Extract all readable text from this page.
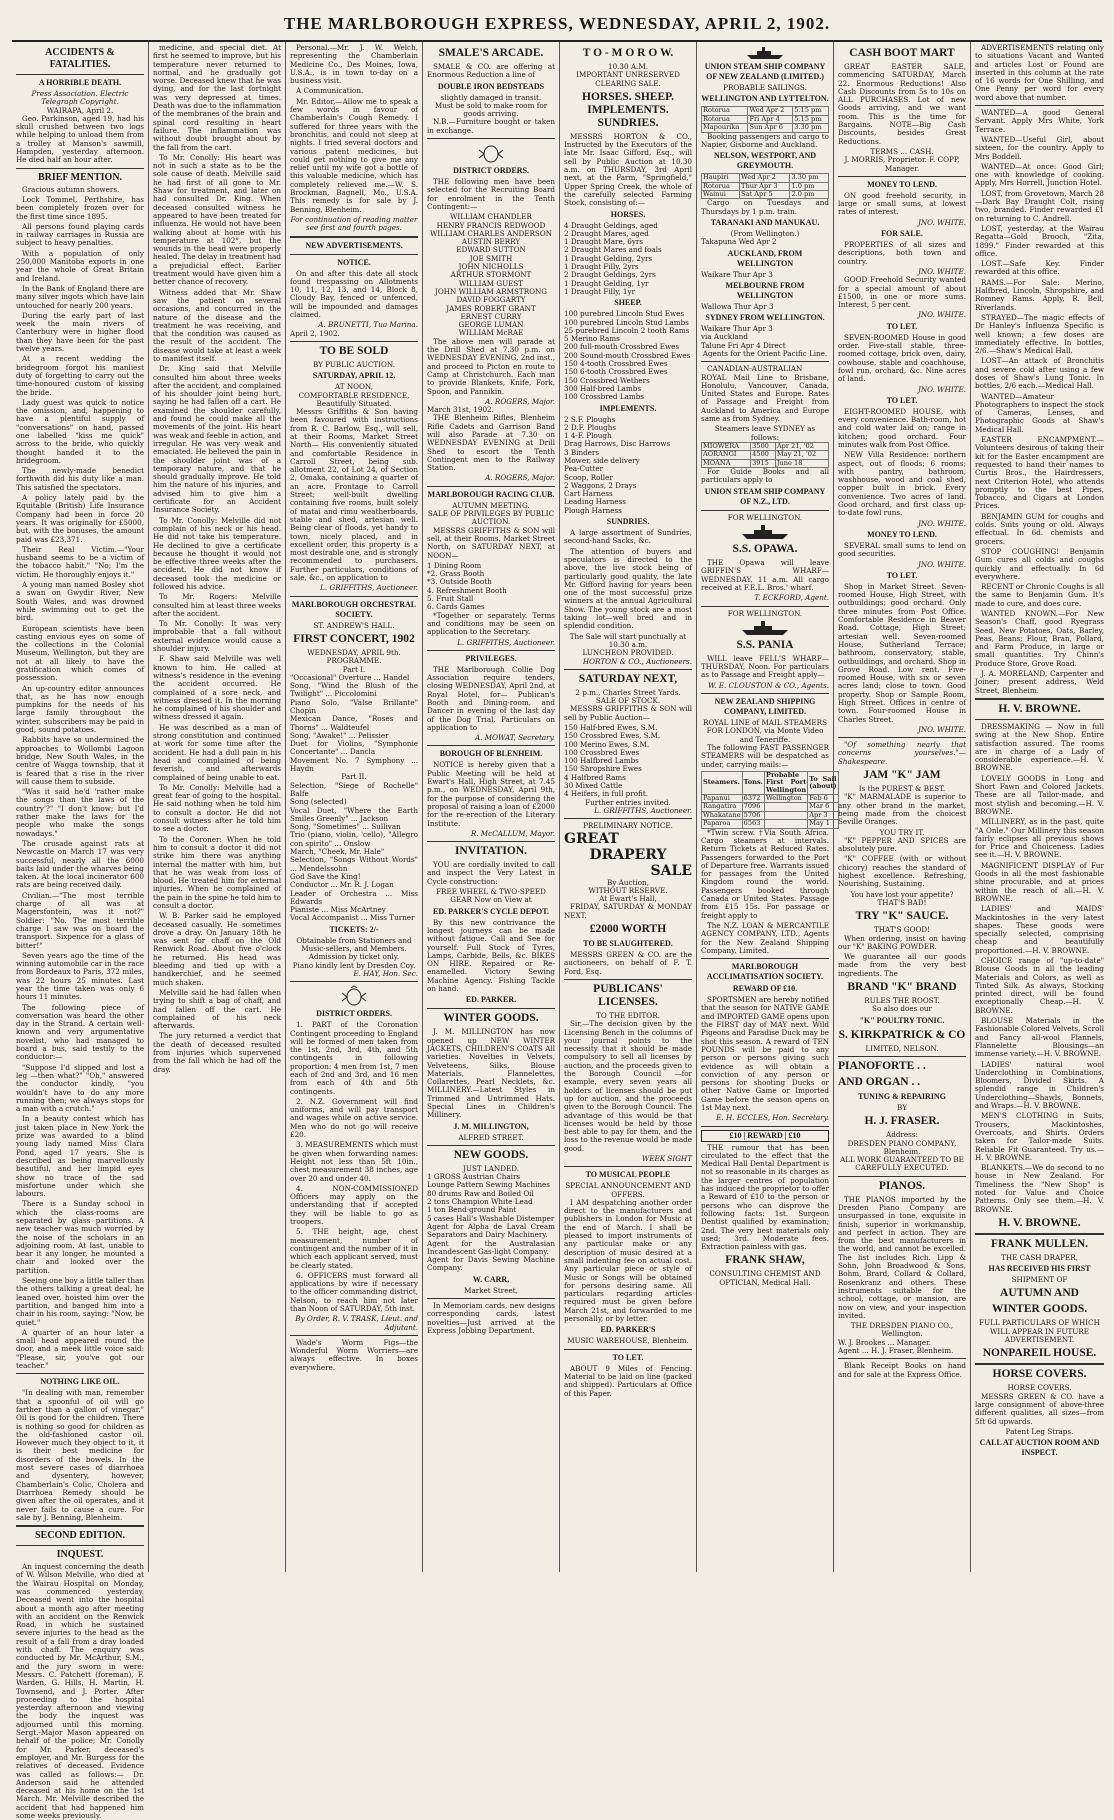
THE MARLBOROUGH EXPRESS, WEDNESDAY, APRIL 2, 1902.
ACCIDENTS & FATALITIES.
A HORRIBLE DEATH.
Press Association. Electric Telegraph Copyright.
WAIRAPA, April 2.

Geo. Parkinson, aged 19, had his skull crushed between two logs while helping to unload them from a trolley at Manson's sawmill, Hampden, yesterday afternoon. He died half an hour after.

BRIEF MENTION.

Gracious autumn showers.

Lock Tommel, Perthshire, has been completely frozen over for the first time since 1895.

All persons found playing cards in railway carriages in Russia are subject to heavy penalties.

With a population of only 250,000 Manitoba exports in one year the whole of Great Britain and Ireland.

In the Bank of England there are many silver ingots which have lain untouched for nearly 200 years.

During the early part of last week the main rivers of Canterbury were in higher flood than they have been for the past twelve years.

At a recent wedding the bridegroom forgot his manliest duty of forgetting to carry out the time-honoured custom of kissing the bride.

Lady guest was quick to notice the omission, and, happening to have a plentiful supply of "conversations" on hand, passed one labelled "kiss me quick" across to the bride, who quickly thought handed it to the bridegroom.

The newly-made benedict forthwith did his duty like a man. This satisfied the spectators.

A policy lately paid by the Equitable (British) Life Insurance Company had been in force 20 years. It was originally for £5000, but, with the bonuses, the amount paid was £23,371.

Their Real Victim.—"Your husband seems to be a victim of the tobacco habit." "No; I'm the victim. He thoroughly enjoys it."

A young man named Bosley shot a swan on Gwydir River, New South Wales, and was drowned while swimming out to get the bird.

European scientists have been casting envious eyes on some of the collections in the Colonial Museum, Wellington, but they are not at all likely to have the gratification which comes of possession.

An up-country editor announces that, as he has now enough pumpkins for the needs of his large family throughout the winter, subscribers may be paid in good, sound potatoes.

Rabbits have so undermined the approaches to Wollombi Lagoon bridge, New South Wales, in the centre of Wagga township, that it is feared that a rise in the river will cause them to subside.

"Was it said he'd 'rather make the songs than the laws of the country'?" "I don't know; but I'd rather make the laws for the people who make the songs nowadays."

The crusade against rats at Newcastle on March 17 was very successful, nearly all the 6000 baits laid under the wharves being taken. At the local incinerator 600 rats are being received daily.

Civilian.—"The most terrible charge of all was at Magersfontein, was it not?" Soldier: "No. The most terrible charge I saw was on board the transport. Sixpence for a glass of bitter!"

Seven years ago the time of the winning automobile car in the race from Bordeaux to Paris, 372 miles, was 22 hours 25 minutes. Last year the time taken was only 6 hours 11 minutes.

The following piece of conversation was heard the other day in the Strand. A certain well-known and very argumentative novelist, who had managed to board a bus, said testily to the conductor:—

"Suppose I'd slipped and lost a leg —then what?" "Oh," answered the conductor kindly, "you wouldn't have to do any more running then; we always stops for a man with a crutch."

In a beauty contest which has just taken place in New York the prize was awarded to a blind young lady named Miss Clara Pond, aged 17 years. She is described as being marvellously beautiful, and her limpid eyes show no trace of the sad misfortune under which she labours.

There is a Sunday school in which the class-rooms are separated by glass partitions. A new teacher was much worried by the noise of the scholars in an adjoining room. At last, unable to bear it any longer, he mounted a chair and looked over the partition.

Seeing one boy a little taller than the others talking a great deal, he leaned over, hoisted him over the partition, and banged him into a chair in his room, saying: "Now, be quiet."

A quarter of an hour later a small head appeared round the door, and a meek little voice said: "Please, sir, you've got our teacher."

NOTHING LIKE OIL.

"In dealing with man, remember that a spoonful of oil will go farther than a gallon of vinegar." Oil is good for the children. There is nothing so good for children as the old-fashioned castor oil. However much they object to it, it is their best medicine for disorders of the bowels. In the most severe cases of diarrhoea and dysentery, however, Chamberlain's Colic, Cholera and Diarrhoea Remedy should be given after the oil operates, and it never fails to cause a cure. For sale by J. Benning, Blenheim.

SECOND EDITION.
INQUEST.

An inquest concerning the death of W. Wilson Melville, who died at the Wairau Hospital on Monday, was commenced yesterday. Deceased went into the hospital about a month ago after meeting with an accident on the Renwick Road, in which he sustained severe injuries to the head as the result of a fall from a dray loaded with chaff. The enquiry was conducted by Mr. McArthur, S.M., and the jury sworn in were: Messrs. C. Patchett (foreman), F. Warden, G. Hills, H. Martin, H. Townsend, and J. Porter. After proceeding to the hospital yesterday afternoon and viewing the body the inquest was adjourned until this morning. Sergt.-Major Mason appeared on behalf of the police; Mr. Conolly for Mr. Parker, deceased's employer, and Mr. Burgess for the relatives of deceased. Evidence was called as follows:— Dr. Anderson said he attended deceased at his home on the 1st March. Mr. Melville described the accident that had happened him some weeks previously.

medicine, and special diet. At first he seemed to improve, but his temperature never returned to normal, and he gradually got worse. Deceased knew that he was dying, and for the last fortnight was very depressed at times. Death was due to the inflammation of the membranes of the brain and spinal cord resulting in heart failure. The inflammation was without doubt brought about by the fall from the cart.

To Mr. Conolly: His heart was not in such a state as to be the sole cause of death. Melville said he had first of all gone to Mr. Shaw for treatment, and later on had consulted Dr. King. When deceased consulted witness he appeared to have been treated for influenza. He would not have been walking about at home with his temperature at 102°, but the wounds in the head were properly healed. The delay in treatment had a prejudicial effect. Earlier treatment would have given him a better chance of recovery.

Witness added that Mr. Shaw saw the patient on several occasions, and concurred in the nature of the disease and the treatment he was receiving, and that the condition was caused as the result of the accident. The disease would take at least a week to manifest itself.

Dr. King said that Melville consulted him about three weeks after the accident, and complained of his shoulder joint being hurt, saying he had fallen off a cart. He examined the shoulder carefully, and found he could make all the movements of the joint. His heart was weak and feeble in action, and irregular. He was very weak and emaciated. He believed the pain in the shoulder joint was of a temporary nature, and that he should gradually improve. He told him the nature of his injuries, and advised him to give him a certificate for an Accident Insurance Society.

To Mr. Conolly: Melville did not complain of his neck or his head. He did not take his temperature. He declined to give a certificate because he thought it would not be effective three weeks after the accident. He did not know if deceased took the medicine or followed his advice.

To Mr. Rogers: Melville consulted him at least three weeks after the accident.

To Mr. Conolly: It was very improbable that a fall without external evidence would cause a shoulder injury.

F. Shaw said Melville was well known to him. He called at witness's residence in the evening the accident occurred. He complained of a sore neck, and witness dressed it. In the morning he complained of his shoulder and witness dressed it again.

He was described as a man of strong constitution and continued at work for some time after the accident. He had a dull pain in his head and complained of being feverish, and afterwards complained of being unable to eat.

To Mr. Conolly: Melville had a great fear of going to the hospital. He said nothing when he told him to consult a doctor. He did not consult witness after he told him to see a doctor.

To the Coroner: When he told him to consult a doctor it did not strike him there was anything internal the matter with him, but that he was weak from loss of blood. He treated him for external injuries. When he complained of the pain in the spine he told him to consult a doctor.

W. B. Parker said he employed deceased casually. He sometimes drove a dray. On January 18th he was sent for chaff on the Old Renwick Road. About five o'clock he returned. His head was bleeding and tied up with a handkerchief, and he seemed much shaken.

Melville said he had fallen when trying to shift a bag of chaff, and had fallen off the cart. He complained of his neck afterwards.

The jury returned a verdict that the death of deceased resulted from injuries which supervened from the fall which he had off the dray.

Personal.—Mr. J. W. Welch, representing the Chamberlain Medicine Co., Des Moines, Iowa, U.S.A., is in town to-day on a business visit.

A Communication.

Mr. Editor,—Allow me to speak a few words in favour of Chamberlain's Cough Remedy. I suffered for three years with the bronchitis, and could not sleep at nights. I tried several doctors and various patent medicines, but could get nothing to give me any relief until my wife got a bottle of this valuable medicine, which has completely relieved me.—W. S. Brockman, Bagnell, Mo., U.S.A. This remedy is for sale by J. Benning, Blenheim.

For continuation of reading matter see first and fourth pages.
NEW ADVERTISEMENTS.
NOTICE.

On and after this date all stock found trespassing on Allotments 10, 11, 12, 13, and 14, Block 8, Cloudy Bay, fenced or unfenced, will be impounded and damages claimed.

A. BRUNETTI, Tua Marina.
April 2, 1902.
TO BE SOLD
BY PUBLIC AUCTION.
SATURDAY, APRIL 12,
AT NOON,
COMFORTABLE RESIDENCE, Beautifully Situated.

Messrs Griffiths & Son having been favoured with instructions from R. C. Barlow, Esq., will sell, at their Rooms, Market Street North— His conveniently situated and comfortable Residence in Carroll Street, being sub. allotment 22, of Lot 24, of Section 2, Omaka, containing a quarter of an acre. Frontage to Carroll Street; well-built dwelling containing five rooms, built solely of matai and rimu weatherboards, stable and shed, artesian well. Being clear of floods, yet handy to town, nicely placed, and in excellent order, this property is a most desirable one, and is strongly recommended to purchasers. Further particulars, conditions of sale, &c., on application to

L. GRIFFITHS, Auctioneer.
MARLBOROUGH ORCHESTRAL SOCIETY.
ST. ANDREW'S HALL.
FIRST CONCERT, 1902
WEDNESDAY, APRIL 9th.
PROGRAMME.
Part I.
"Occasional" Overture ... Handel
Song, "Wind the Blush of the Twilight" ... Piccolomini
Piano Solo, "Valse Brillante" Chopin
Mexican Dance, "Roses and Thorns" ... Waldteufel
Song, "Awake!" ... Pelissier
Duet for Violins, "Symphonie Concertante" ... Dancla
Movement No. 7 Symphony ... Haydn
Part II.
Selection, "Siege of Rochelle" Balfe
Song (selected)
Vocal Duet, "Where the Earth Smiles Greenly" ... Jackson
Song, "Sometimes" ... Sullivan
Trio (piano, violin, 'cello), "Allegro con spirito" ... Onslow
March, "Cheek, Mr. Hale"
Selection, "Songs Without Words" ... Mendelssohn
God Save the King!
Conductor ... Mr. R. J. Logan
Leader of Orchestra ... Miss Edwards
Pianiste ... Miss McArtney
Vocal Accompanist ... Miss Turner
TICKETS: 2/-
Obtainable from Stationers and Music-sellers, and Members. Admission by ticket only.
Piano kindly lent by Dresden Coy.
E. HAY, Hon. Sec.
DISTRICT ORDERS.

1. PART of the Coronation Contingent proceeding to England will be formed of men taken from the 1st, 2nd, 3rd, 4th, and 5th contingents in following proportion: 4 men from 1st, 7 men each of 2nd and 3rd, and 16 men from each of 4th and 5th contingents.

2. N.Z. Government will find uniforms, and will pay transport and wages while on active service. Men who do not go will receive £20.

3. MEASUREMENTS which must be given when forwarding names: Height not less than 5ft 10in., chest measurement 38 inches, age over 20 and under 40.

4. NON-COMMISSIONED Officers may apply on the understanding that if accepted they will be liable to go as troopers.

5. THE height, age, chest measurement, number of contingent and the number of it in which each applicant served, must be clearly stated.

6. OFFICERS must forward all applications by wire if necessary to the officer commanding district, Nelson, to reach him not later than Noon of SATURDAY, 5th inst.

By Order, R. V. TRASK, Lieut. and Adjutant.

Wade's Worm Figs—the Wonderful Worm Worriers—are always effective. In boxes everywhere.

SMALE'S ARCADE.

SMALE & CO. are offering at Enormous Reduction a line of

DOUBLE IRON BEDSTEADS
slightly damaged in transit.
Must be sold to make room for goods arriving.

N.B.—Furniture bought or taken in exchange.

DISTRICT ORDERS.

THE following men have been selected for the Recruiting Board for enrolment in the Tenth Contingent:—

WILLIAM CHANDLER
HENRY FRANCIS REDWOOD
WILLIAM CHARLES ANDERSON
AUSTIN BERRY
EDWARD SUTTON
JOE SMITH
JOHN NICHOLLS
ARTHUR STORMONT
WILLIAM GUEST
JOHN WILLIAM ARMSTRONG
DAVID FOGGARTY
JAMES ROBERT GRANT
ERNEST CURRY
GEORGE LUMAN
WILLIAM McRAE

The above men will parade at the Drill Shed at 7.30 p.m. on WEDNESDAY EVENING, 2nd inst., and proceed to Picton en route to Camp at Christchurch. Each man to provide Blankets, Knife, Fork, Spoon, and Pannikin.

A. ROGERS, Major.
March 31st, 1902.

THE Blenheim Rifles, Blenheim Rifle Cadets and Garrison Band will also Parade at 7.30 on WEDNESDAY EVENING at Drill Shed to escort the Tenth Contingent men to the Railway Station.

A. ROGERS, Major.
MARLBOROUGH RACING CLUB.
AUTUMN MEETING.
SALE OF PRIVILEGES BY PUBLIC AUCTION.

MESSRS GRIFFITHS & SON will sell, at their Rooms, Market Street North, on SATURDAY NEXT, at NOON—

1 Dining Room
*2. Grass Booth
*3. Outside Booth
4. Refreshment Booth
5. Fruit Stall
6. Cards Games

*Together or separately. Terms and conditions may be seen on application to the Secretary.

L. GRIFFITHS, Auctioneer.
PRIVILEGES.

THE Marlborough Collie Dog Association require tenders, closing WEDNESDAY, April 2nd, at Royal Hotel, for— Publican's Booth and Dining-room, and Dancer in evening of the last day of the Dog Trial. Particulars on application to

A. MOWAT, Secretary.
BOROUGH OF BLENHEIM.

NOTICE is hereby given that a Public Meeting will be held at Ewart's Hall, High Street, at 7.45 p.m., on WEDNESDAY, April 9th, for the purpose of considering the proposal of raising a loan of £2000 for the re-erection of the Literary Institute.

R. McCALLUM, Mayor.
INVITATION.

YOU are cordially invited to call and inspect the Very Latest in Cycle construction:

FREE WHEEL & TWO-SPEED GEAR Now on View at
ED. PARKER'S CYCLE DEPOT.

By this new contrivance the longest journeys can be made without fatigue. Call and See for yourself. Full Stock of Tyres, Lamps, Carbide, Bells, &c. BIKES ON HIRE. Repaired or Re-enamelled. Victory Sewing Machine Agency. Fishing Tackle on hand.

ED. PARKER.
WINTER GOODS.

J. M. MILLINGTON has now opened up NEW WINTER JACKETS, CHILDREN'S COATS All varieties. Novelties in Velvets, Velveteens, Silks, Blouse Materials, Flannelettes, Collarettes, Pearl Necklets, &c. MILLINERY.—Latest Styles in Trimmed and Untrimmed Hats. Special Lines in Children's Millinery.

J. M. MILLINGTON,
ALFRED STREET.
NEW GOODS.
JUST LANDED.
1 GROSS Austrian Chairs
Lounge Pattern Sewing Machines
80 drums Raw and Boiled Oil
2 tons Champion White Lead
1 ton Bend-ground Paint
5 cases Hall's Washable Distemper
Agent for Alpha de Laval Cream Separators and Dairy Machinery.
Agent for the Australasian Incandescent Gas-light Company.
Agent for Davis Sewing Machine Company.
W. CARR,
Market Street,

In Memoriam cards, new designs corresponding cards, latest novelties—Just arrived at the Express Jobbing Department.

T O - M O R O W.
10.30 A.M.
IMPORTANT UNRESERVED CLEARING SALE.
HORSES. SHEEP. IMPLEMENTS. SUNDRIES.

MESSRS HORTON & CO., Instructed by the Executors of the late Mr. Isaac Gifford, Esq., will sell by Public Auction at 10.30 a.m. on THURSDAY, 3rd April next, at the Farm, "Springfield," Upper Spring Creek, the whole of the carefully selected Farming Stock, consisting of:—

HORSES.
4 Draught Geldings, aged
2 Draught Mares, aged
1 Draught Mare, 6yrs
2 Draught Mares and foals
1 Draught Gelding, 2yrs
1 Draught Filly, 2yrs
2 Draught Geldings, 2yrs
1 Draught Gelding, 1yr
1 Draught Filly, 1yr
SHEEP.
100 purebred Lincoln Stud Ewes
100 purebred Lincoln Stud Lambs
25 purebred Lincoln 2 tooth Rams
5 Merino Rams
200 full-mouth Crossbred Ewes
200 Sound-mouth Crossbred Ewes
150 4-tooth Crossbred Ewes
150 6-tooth Crossbred Ewes
150 Crossbred Wethers
300 Half-bred Lambs
100 Crossbred Lambs
IMPLEMENTS.
2 S.F. Ploughs
2 D.F. Ploughs
1 4-F. Plough
Drag Harrows, Disc Harrows
3 Binders
Mower, side delivery
Pea-Cutter
Scoop, Roller
2 Waggons, 2 Drays
Cart Harness
Leading Harness
Plough Harness
SUNDRIES.

A large assortment of Sundries, second-hand Sacks, &c.

The attention of buyers and speculators is directed to the above, the live stock being of particularly good quality, the late Mr. Gifford having for years been one of the most successful prize winners at the annual Agricultural Show. The young stock are a most taking lot—well bred and in splendid condition.

The Sale will start punctually at 10.30 a.m.
LUNCHEON PROVIDED.
HORTON & CO., Auctioneers.
SATURDAY NEXT,
2 p.m., Charles Street Yards.
SALE OF STOCK.

MESSRS GRIFFITHS & SON will sell by Public Auction—

150 Half-bred Ewes, S.M.
150 Crossbred Ewes, S.M.
100 Merino Ewes, S.M.
100 Crossbred Ewes
100 Halfbred Lambs
150 Shropshire Ewes
4 Halfbred Rams
30 Mixed Cattle
4 Heifers, in full profit.
Further entries invited.
L. GRIFFITHS, Auctioneer.
PRELIMINARY NOTICE.
GREAT
DRAPERY
SALE
By Auction,
WITHOUT RESERVE.
At Ewart's Hall,

FRIDAY, SATURDAY & MONDAY NEXT.

£2000 WORTH
TO BE SLAUGHTERED.

MESSRS GREEN & CO. are the auctioneers, on behalf of F. T. Ford, Esq.

PUBLICANS' LICENSES.
TO THE EDITOR.

Sir,—The decision given by the Licensing Bench in the columns of your journal points to the necessity that it should be made compulsory to sell all licenses by auction, and the proceeds given to the Borough Council —for example, every seven years all holders of licenses should be put up for auction, and the proceeds given to the Borough Council. The advantage of this would be that licenses would be held by those best able to pay for them, and the loss to the revenue would be made good.

WEEK SIGHT
TO MUSICAL PEOPLE
SPECIAL ANNOUNCEMENT AND OFFERS.

I AM despatching another order direct to the manufacturers and publishers in London for Music at the end of March. I shall be pleased to import instruments of any particular make or any description of music desired at a small indenting fee on actual cost. Any particular piece or style of Music or Songs will be obtained for persons desiring same. All particulars regarding articles required must be given before March 21st, and forwarded to me personally, or by letter.

ED. PARKER'S
MUSIC WAREHOUSE, Blenheim.
TO LET.

ABOUT 9 Miles of Fencing. Material to be laid on line (packed and shipped). Particulars at Office of this Paper.

UNION STEAM SHIP COMPANY OF NEW ZEALAND (LIMITED.)
PROBABLE SAILINGS.
WELLINGTON AND LYTTELTON.
Rotorua	Wed Apr 2	5.15 pm
Rotorua	Fri Apr 4	5.15 pm
Mapourika	Sun Apr 6	3.30 pm

Booking passengers and cargo to Napier, Gisborne and Auckland.

NELSON, WESTPORT, AND GREYMOUTH.
Haupiri	Wed Apr 2	3.30 pm
Rotorua	Thur Apr 3	1.0 pm
Wainui	Sat Apr 5	2.0 pm

Cargo on Tuesdays and Thursdays by 1 p.m. train.

TARANAKI AND MANUKAU.
(From Wellington.)
Takapuna Wed Apr 2
AUCKLAND, FROM WELLINGTON
Waikare Thur Apr 3
MELBOURNE FROM WELLINGTON
Wallowa Thur Apr 3
SYDNEY FROM WELLINGTON.
Waikare Thur Apr 3
via Auckland
Talune Fri Apr 4 Direct
Agents for the Orient Pacific Line.

CANADIAN-AUSTRALIAN ROYAL Mail Line to Brisbane, Honolulu, Vancouver, Canada, United States and Europe. Rates of Passage and Freight from Auckland to America and Europe same as from Sydney.

Steamers leave SYDNEY as follows:
MIOWERA	3500	Apr 21, '02
AORANGI	4500	May 21, '02
MOANA	3915	June 18

For Guide Books and all particulars apply to

UNION STEAM SHIP COMPANY OF N.Z., LTD.
FOR WELLINGTON.
S.S. OPAWA.

THE Opawa will leave GRIFFIN'S WHARF— WEDNESDAY, 11 a.m. All cargo received at F.E.L. Bros.' wharf.

T. ECKFORD, Agent.
FOR WELLINGTON.
S.S. PANIA

WILL leave FELL'S WHARF— THURSDAY, Noon. For particulars as to Passage and Freight apply—

W. E. CLOUSTON & CO., Agents.
NEW ZEALAND SHIPPING COMPANY, LIMITED.
ROYAL LINE of MAIL STEAMERS FOR LONDON, via Monte Video and Teneriffe.

The following FAST PASSENGER STEAMERS will be despatched as under, carrying mails:—

Steamers.	Tons.	Probable First Port Wellington	To Sail (about)
Papanui	6372	Wellington	Feb 6
Rangatira	7096		Mar 6
Whakatane	5706		Apr 3
Paparoa	6563		May 1

*Twin screw. †Via South Africa. Cargo steamers at intervals. Return Tickets at Reduced Rates. Passengers forwarded to the Port of Departure free. Warrants issued for passages from the United Kingdom round the world. Passengers booked through Canada or United States. Passage from £15 15s. For passage or freight apply to

The N.Z. LOAN & MERCANTILE AGENCY COMPANY, LTD., Agents for the New Zealand Shipping Company, Limited.

MARLBOROUGH ACCLIMATISATION SOCIETY.
REWARD OF £10.

SPORTSMEN are hereby notified that the season for NATIVE GAME and IMPORTED GAME opens upon the FIRST day of MAY next. Wild Pigeons and Paradise Duck may be shot this season. A reward of TEN POUNDS will be paid to any person or persons giving such evidence as will obtain a conviction of any person or persons for shooting Ducks or other Native Game or Imported Game before the season opens on 1st May next.

E. H. ECCLES, Hon. Secretary.
£10 | REWARD | £10

THE rumour that has been circulated to the effect that the Medical Hall Dental Department is not so reasonable in its charges as the larger centres of population has induced the proprietor to offer a Reward of £10 to the person or persons who can disprove the following facts: 1st. Surgeon Dentist qualified by examination; 2nd. The very best materials only used; 3rd. Moderate fees. Extraction painless with gas.

FRANK SHAW,
CONSULTING CHEMIST AND OPTICIAN, Medical Hall.
CASH BOOT MART

GREAT EASTER SALE, commencing SATURDAY, March 22. Enormous Reductions! Also Cash Discounts from 5s to 10s on ALL PURCHASES. Lot of new Goods arriving, and we want room. This is the time for Bargains. NOTE—Big Cash Discounts, besides Great Reductions.

TERMS ... CASH.
J. MORRIS, Proprietor. F. COPP, Manager.
MONEY TO LEND.

ON good freehold security, in large or small sums, at lowest rates of interest.

JNO. WHITE.
FOR SALE.

PROPERTIES of all sizes and descriptions, both town and country.

JNO. WHITE.

GOOD Freehold Security wanted for a special amount of about £1500, in one or more sums. Interest, 5 per cent.

JNO. WHITE.
TO LET.

SEVEN-ROOMED House in good order. Five-stall stable, three-roomed cottage, brick oven, dairy, cowhouse, stable and coachhouse, fowl run, orchard, &c. Nine acres of land.

JNO. WHITE.
TO LET.

EIGHT-ROOMED HOUSE, with every convenience. Bath-room, hot and cold water laid on; range in kitchen; good orchard. Four minutes walk from Post Office.

NEW Villa Residence: northern aspect, out of floods; 6 rooms; with pantry, bathroom, washhouse, wood and coal shed, copper built in brick. Every convenience. Two acres of land. Good orchard, and first class up-to-date fowl runs.

JNO. WHITE.
MONEY TO LEND.

SEVERAL small sums to lend on good securities.

JNO. WHITE.
TO LET.

Shop in Market Street. Seven-roomed House, High Street, with outbuildings; good orchard. Only three minutes from Post Office. Comfortable Residence in Beaver Road. Cottage, High Street; artesian well. Seven-roomed House, Sutherland Terrace; bathroom, conservatory, stable, outbuildings, and orchard. Shop in Grove Road. Low rent. Five-roomed House, with six or seven acres land; close to town. Good property. Shop or Sample Room, High Street. Offices in centre of town. Four-roomed House in Charles Street.

JNO. WHITE.

"Of something nearly that concerns yourselves."—Shakespeare.

JAM "K" JAM
Is the PUREST & BEST.

"K" MARMALADE is superior to any other brand in the market, being made from the choicest Seville Oranges.

YOU TRY IT.

"K" PEPPER AND SPICES are absolutely pure.

"K" COFFEE (with or without chicory) reaches the standard of highest excellence. Refreshing, Nourishing, Sustaining.

You have lost your appetite? THAT'S BAD!
TRY "K" SAUCE.
THAT'S GOOD!

When ordering, insist on having our "K" BAKING POWDER.

We guarantee all our goods made from the very best ingredients. The

BRAND "K" BRAND
RULES THE ROOST.
So also does our
"K" POULTRY TONIC.
S. KIRKPATRICK & CO
LIMITED, NELSON.
PIANOFORTE . .
AND ORGAN . .
TUNING & REPAIRING
BY
H. J. FRASER.
Address:
DRESDEN PIANO COMPANY,
Blenheim.
ALL WORK GUARANTEED TO BE CAREFULLY EXECUTED.
PIANOS.

THE PIANOS imported by the Dresden Piano Company are unsurpassed in tone, exquisite in finish, superior in workmanship, and perfect in action. They are from the best manufacturers in the world, and cannot be excelled. The list includes Rich. Lipp & Sohn, John Broadwood & Sons, Bohm, Brard, Collard & Collard, Rosenkranz and others. These instruments suitable for the school, cottage, or mansion, are now on view, and your inspection invited.

THE DRESDEN PIANO CO., Wellington.
W. J. Brookes ... Manager.
Agent ... H. J. Fraser, Blenheim.

Blank Receipt Books on hand and for sale at the Express Office.

ADVERTISEMENTS relating only to situations Vacant and Wanted and articles Lost or Found are inserted in this column at the rate of 16 words for One Shilling, and One Penny per word for every word above that number.

WANTED—A good General Servant. Apply Mrs White, York Terrace.

WANTED—Useful Girl, about sixteen, for the country. Apply to Mrs Boddell.

WANTED—At once: Good Girl; one with knowledge of cooking. Apply, Mrs Horrell, Junction Hotel.

LOST, from Grovetown, March 28—Dark Bay Draught Colt, rising two, branded. Finder rewarded £1 on returning to C. Andrell.

LOST, yesterday, at the Wairau Regatta—Gold Brooch, "Zita, 1899." Finder rewarded at this office.

LOST.—Safe Key. Finder rewarded at this office.

RAMS.—For Sale: Merino, Halfbred, Lincoln, Shropshire, and Romney Rams. Apply, R. Bell, Riverlands.

STRAYED—The magic effects of Dr Hanley's Influenza Specific is well known; a few doses are immediately effective. In bottles, 2/6.—Shaw's Medical Hall.

LOST—An attack of Bronchitis and severe cold after using a few doses of Shaw's Lung Tonic. In bottles, 2/6 each.—Medical Hall.

WANTED—Amateur Photographers to inspect the stock of Cameras, Lenses, and Photographic Goods at Shaw's Medical Hall.

EASTER ENCAMPMENT.—Volunteers desirous of taking their kit for the Easter encampment are requested to hand their names to Curtis Bros., the Hairdressers, next Criterion Hotel, who attends promptly to the best Pipes, Tobacco, and Cigars at London Prices.

BENJAMIN GUM for coughs and colds. Suits young or old. Always effectual. In 6d. chemists and grocers.

STOP COUGHING! Benjamin Gum cures all colds and coughs quickly and effectually. In 6d everywhere.

RECENT or Chronic Coughs is all the same to Benjamin Gum. It's made to cure, and does cure.

WANTED KNOWN.—For New Season's Chaff, good Ryegrass Seed, New Potatoes, Oats, Barley, Peas, Beans; Flour, Bran, Pollard, and Farm Produce, in large or small quantities. Try Chinn's Produce Store, Grove Road.

J. A. MORELAND, Carpenter and Joiner; present address, Weld Street, Blenheim.

H. V. BROWNE.

DRESSMAKING — Now in full swing at the New Shop. Entire satisfaction assured. The rooms are in charge of a Lady of considerable experience.—H. V. BROWNE.

LOVELY GOODS in Long and Short Fawn and Colored Jackets. These are all Tailor-made, and most stylish and becoming.—H. V. BROWNE.

MILLINERY, as in the past, quite "A Onle." Our Millinery this season fairly eclipses all previous shows for Price and Choiceness. Ladies see it.—H. V. BROWNE.

MAGNIFICENT DISPLAY of Fur Goods in all the most fashionable shine procurable, and at prices within the reach of all.—H. V. BROWNE.

LADIES' and MAIDS' Mackintoshes in the very latest shapes. These goods were specially selected, comprising cheap and beautifully proportioned.—H. V. BROWNE.

CHOICE range of "up-to-date" Blouse Goods in all the leading Materials and Colors, as well as Tinted Silk. As always, Stocking printed direct, will be found exceptionally Cheap.—H. V. BROWNE.

BLOUSE Materials in the Fashionable Colored Velvets, Scroll and Fancy all-wool Flannels, Flannelette Blousings—an immense variety.—H. V. BROWNE.

LADIES' natural wool Underclothing in Combinations, Bloomers, Divided Skirts. A splendid range in Children's Underclothing—Shawls, Bonnets, and Wraps.—H. V. BROWNE.

MEN'S CLOTHING in Suits, Trousers, Mackintoshes, Overcoats, and Shirts. Orders taken for Tailor-made Suits. Reliable Fit Guaranteed. Try us.—H. V. BROWNE.

BLANKETS.—We do second to no house in New Zealand. For Timeliness the "New Shop" is noted for Value and Choice Patterns. Only see them.—H. V. BROWNE.

H. V. BROWNE.
FRANK MULLEN.
THE CASH DRAPER,
HAS RECEIVED HIS FIRST
SHIPMENT OF
AUTUMN AND
WINTER GOODS.
FULL PARTICULARS OF WHICH WILL APPEAR IN FUTURE ADVERTISEMENT.
NONPAREIL HOUSE.
HORSE COVERS.
HORSE COVERS.

MESSRS GREEN & CO. have a large consignment of above-three different qualities, all sizes—from 5ft 6d upwards.

Patent Leg Straps.
CALL AT AUCTION ROOM AND INSPECT.
